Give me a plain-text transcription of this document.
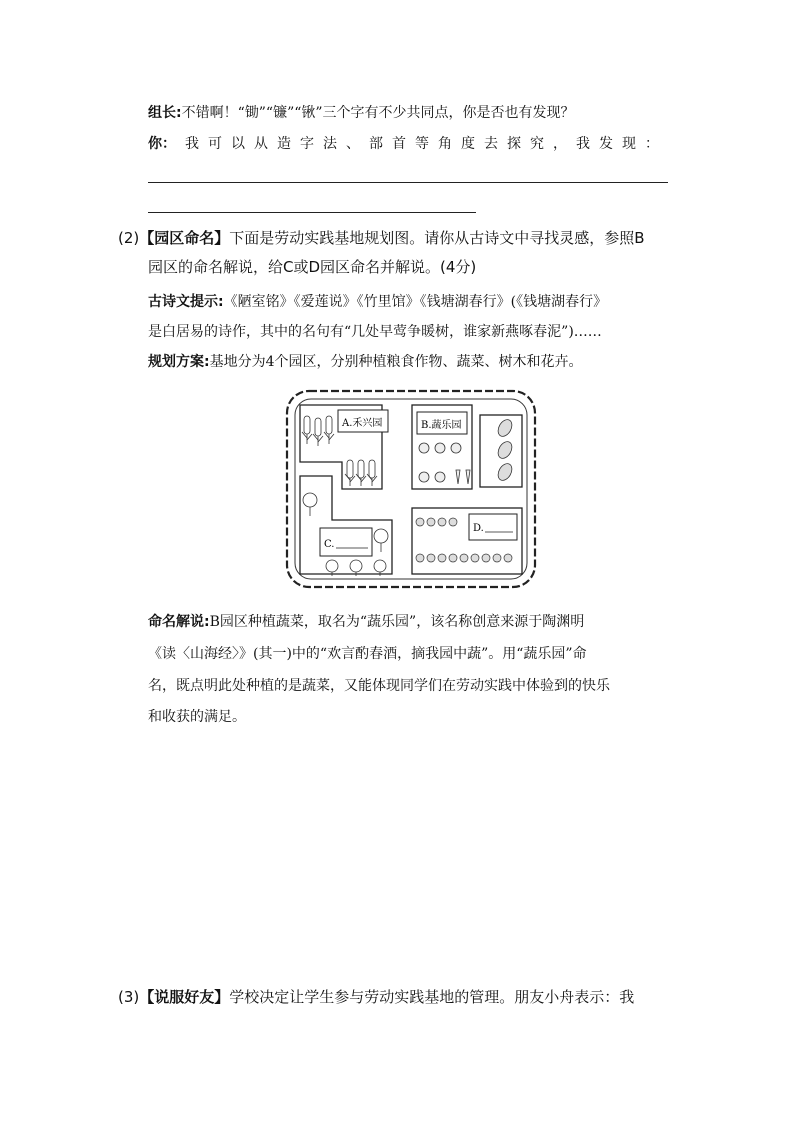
组长:不错啊！“锄”“镰”“锹”三个字有不少共同点，你是否也有发现？
你： 我可以从造字法、部首等角度去探究，我发现：
(2)【园区命名】下面是劳动实践基地规划图。请你从古诗文中寻找灵感，参照B
园区的命名解说，给C或D园区命名并解说。(4分)
古诗文提示:《陋室铭》《爱莲说》《竹里馆》《钱塘湖春行》(《钱塘湖春行》
是白居易的诗作，其中的名句有“几处早莺争暖树，谁家新燕啄春泥”)……
规划方案:基地分为4个园区，分别种植粮食作物、蔬菜、树木和花卉。
A.禾兴园	B.蔬乐园
C.
D.
命名解说:B园区种植蔬菜，取名为“蔬乐园”，该名称创意来源于陶渊明
《读〈山海经〉》(其一)中的“欢言酌春酒，摘我园中蔬”。用“蔬乐园”命
名，既点明此处种植的是蔬菜，又能体现同学们在劳动实践中体验到的快乐
和收获的满足。
(3)【说服好友】学校决定让学生参与劳动实践基地的管理。朋友小舟表示：我
